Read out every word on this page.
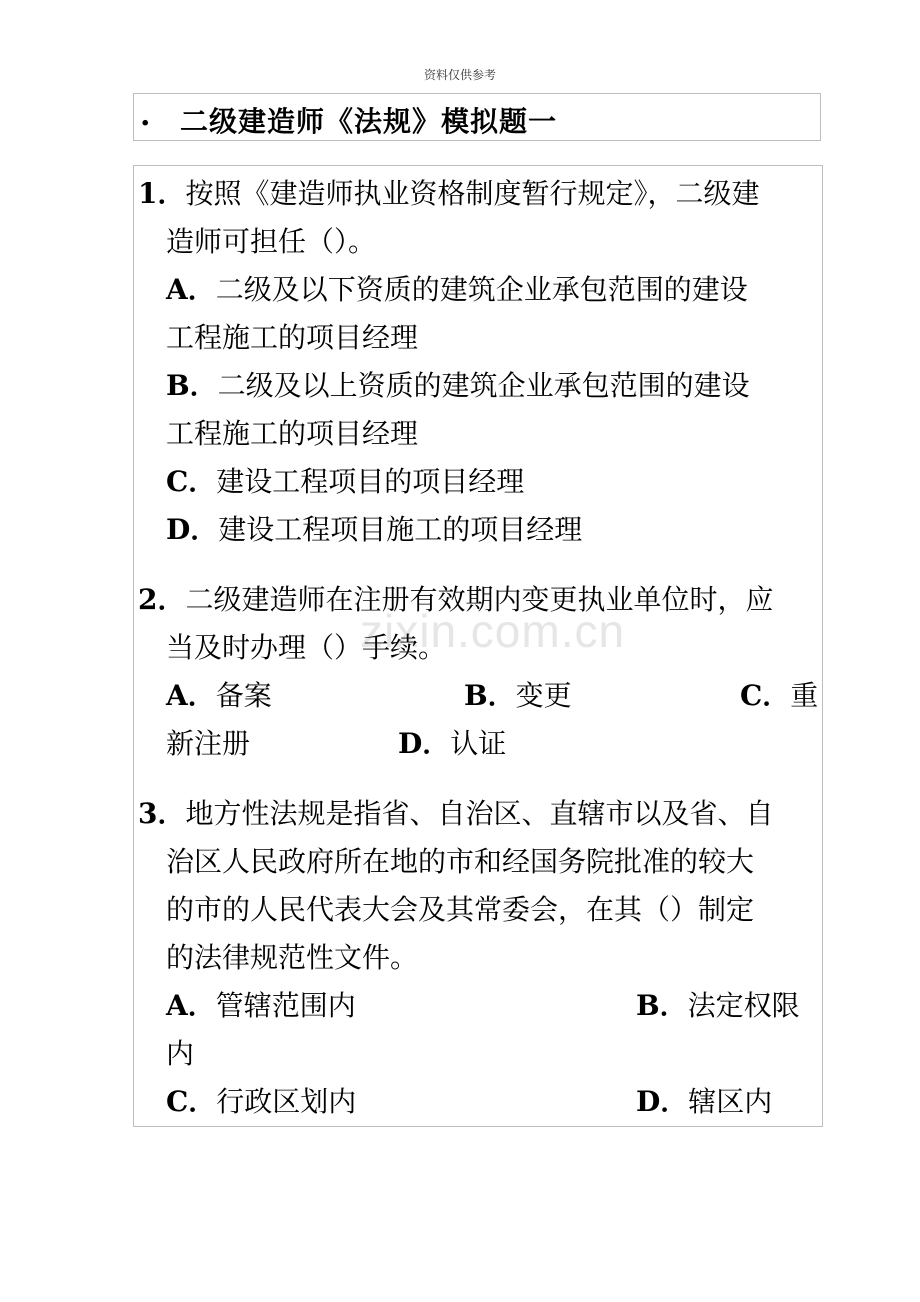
资料仅供参考
zixin.com.cn
. 二级建造师《法规》模拟题一
1．按照《建造师执业资格制度暂行规定》，二级建
造师可担任（）。
A．二级及以下资质的建筑企业承包范围的建设
工程施工的项目经理
B．二级及以上资质的建筑企业承包范围的建设
工程施工的项目经理
C．建设工程项目的项目经理
D．建设工程项目施工的项目经理
2．二级建造师在注册有效期内变更执业单位时，应
当及时办理（）手续。
A．备案	B．变更	C．重
新注册	D．认证
3．地方性法规是指省、自治区、直辖市以及省、自
治区人民政府所在地的市和经国务院批准的较大
的市的人民代表大会及其常委会，在其（）制定
的法律规范性文件。
A．管辖范围内	B．法定权限
内
C．行政区划内	D．辖区内
